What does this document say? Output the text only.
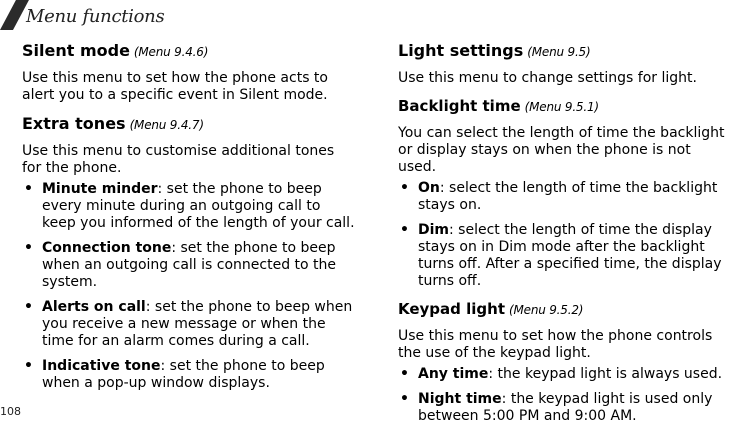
Menu functions
Silent mode (Menu 9.4.6)

Use this menu to set how the phone acts to alert you to a specific event in Silent mode.

Extra tones (Menu 9.4.7)

Use this menu to customise additional tones for the phone.

• Minute minder: set the phone to beep every minute during an outgoing call to keep you informed of the length of your call.
• Connection tone: set the phone to beep when an outgoing call is connected to the system.
• Alerts on call: set the phone to beep when you receive a new message or when the time for an alarm comes during a call.
• Indicative tone: set the phone to beep when a pop-up window displays.
Light settings (Menu 9.5)

Use this menu to change settings for light.

Backlight time (Menu 9.5.1)

You can select the length of time the backlight or display stays on when the phone is not used.

• On: select the length of time the backlight stays on.
• Dim: select the length of time the display stays on in Dim mode after the backlight turns off. After a specified time, the display turns off.
Keypad light (Menu 9.5.2)

Use this menu to set how the phone controls the use of the keypad light.

• Any time: the keypad light is always used.
• Night time: the keypad light is used only between 5:00 PM and 9:00 AM.
108
